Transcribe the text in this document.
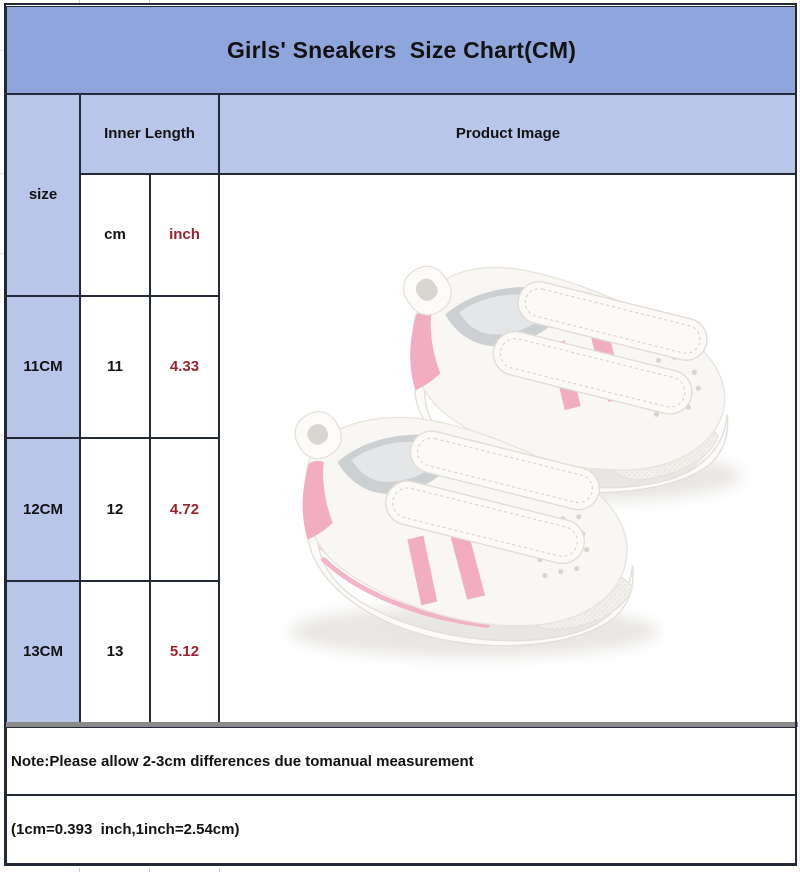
Girls' Sneakers  Size Chart(CM)
size
Inner Length	Product Image
cm	inch
11CM	11	4.33
12CM	12	4.72
13CM	13	5.12
Note:Please allow 2-3cm differences due tomanual measurement
(1cm=0.393  inch,1inch=2.54cm)
